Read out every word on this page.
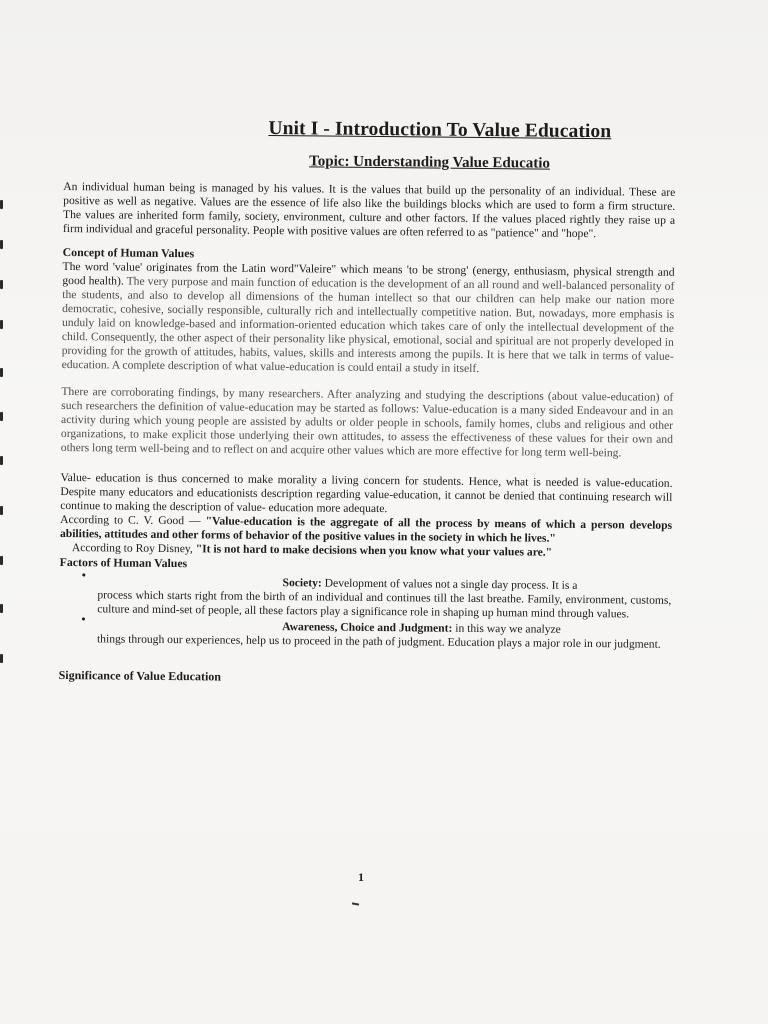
Unit I - Introduction To Value Education
Topic: Understanding Value Educatio

An individual human being is managed by his values. It is the values that build up the personality of an individual. These are positive as well as negative. Values are the essence of life also like the buildings blocks which are used to form a firm structure. The values are inherited form family, society, environment, culture and other factors. If the values placed rightly they raise up a firm individual and graceful personality. People with positive values are often referred to as "patience" and "hope".

Concept of Human Values

The word 'value' originates from the Latin word"Valeire" which means 'to be strong' (energy, enthusiasm, physical strength and good health). The very purpose and main function of education is the development of an all round and well-balanced personality of the students, and also to develop all dimensions of the human intellect so that our children can help make our nation more democratic, cohesive, socially responsible, culturally rich and intellectually competitive nation. But, nowadays, more emphasis is unduly laid on knowledge-based and information-oriented education which takes care of only the intellectual development of the child. Consequently, the other aspect of their personality like physical, emotional, social and spiritual are not properly developed in providing for the growth of attitudes, habits, values, skills and interests among the pupils. It is here that we talk in terms of value-education. A complete description of what value-education is could entail a study in itself.

There are corroborating findings, by many researchers. After analyzing and studying the descriptions (about value-education) of such researchers the definition of value-education may be started as follows: Value-education is a many sided Endeavour and in an activity during which young people are assisted by adults or older people in schools, family homes, clubs and religious and other organizations, to make explicit those underlying their own attitudes, to assess the effectiveness of these values for their own and others long term well-being and to reflect on and acquire other values which are more effective for long term well-being.

Value- education is thus concerned to make morality a living concern for students. Hence, what is needed is value-education. Despite many educators and educationists description regarding value-education, it cannot be denied that continuing research will continue to making the description of value- education more adequate.

According to C. V. Good — "Value-education is the aggregate of all the process by means of which a person develops abilities, attitudes and other forms of behavior of the positive values in the society in which he lives."

According to Roy Disney, "It is not hard to make decisions when you know what your values are."

Factors of Human Values
•
Society: Development of values not a single day process. It is a
process which starts right from the birth of an individual and continues till the last breathe. Family, environment, customs, culture and mind-set of people, all these factors play a significance role in shaping up human mind through values.
•
Awareness, Choice and Judgment: in this way we analyze
things through our experiences, help us to proceed in the path of judgment. Education plays a major role in our judgment.
Significance of Value Education
1
